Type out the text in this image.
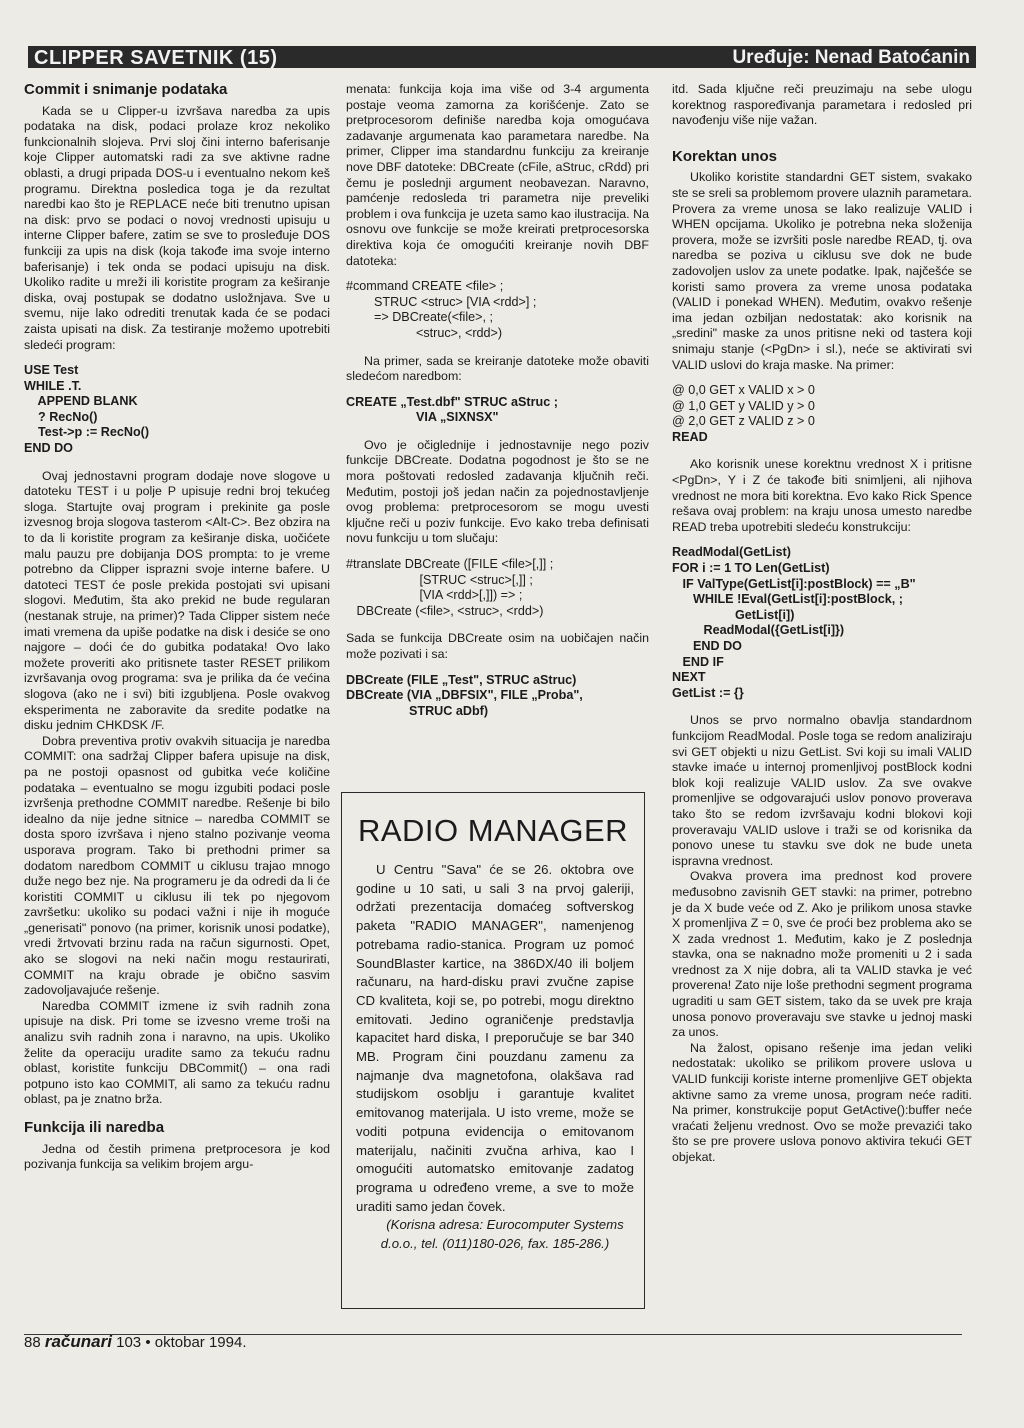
CLIPPER SAVETNIK (15)	Uređuje: Nenad Batoćanin
Commit i snimanje podataka

Kada se u Clipper-u izvršava naredba za upis podataka na disk, podaci prolaze kroz nekoliko funkcionalnih slojeva. Prvi sloj čini interno baferisanje koje Clipper automatski radi za sve aktivne radne oblasti, a drugi pripada DOS-u i eventualno nekom keš programu. Direktna posledica toga je da rezultat naredbi kao što je REPLACE neće biti trenutno upisan na disk: prvo se podaci o novoj vrednosti upisuju u interne Clipper bafere, zatim se sve to prosleđuje DOS funkciji za upis na disk (koja takođe ima svoje interno baferisanje) i tek onda se podaci upisuju na disk. Ukoliko radite u mreži ili koristite program za keširanje diska, ovaj postupak se dodatno usložnjava. Sve u svemu, nije lako odrediti trenutak kada će se podaci zaista upisati na disk. Za testiranje možemo upotrebiti sledeći program:

USE Test
WHILE .T.
APPEND BLANK
? RecNo()
Test->p := RecNo()
END DO

Ovaj jednostavni program dodaje nove slogove u datoteku TEST i u polje P upisuje redni broj tekućeg sloga. Startujte ovaj program i prekinite ga posle izvesnog broja slogova tasterom <Alt-C>. Bez obzira na to da li koristite program za keširanje diska, uočićete malu pauzu pre dobijanja DOS prompta: to je vreme potrebno da Clipper isprazni svoje interne bafere. U datoteci TEST će posle prekida postojati svi upisani slogovi. Međutim, šta ako prekid ne bude regularan (nestanak struje, na primer)? Tada Clipper sistem neće imati vremena da upiše podatke na disk i desiće se ono najgore – doći će do gubitka podataka! Ovo lako možete proveriti ako pritisnete taster RESET prilikom izvršavanja ovog programa: sva je prilika da će većina slogova (ako ne i svi) biti izgubljena. Posle ovakvog eksperimenta ne zaboravite da sredite podatke na disku jednim CHKDSK /F.

Dobra preventiva protiv ovakvih situacija je naredba COMMIT: ona sadržaj Clipper bafera upisuje na disk, pa ne postoji opasnost od gubitka veće količine podataka – eventualno se mogu izgubiti podaci posle izvršenja prethodne COMMIT naredbe. Rešenje bi bilo idealno da nije jedne sitnice – naredba COMMIT se dosta sporo izvršava i njeno stalno pozivanje veoma usporava program. Tako bi prethodni primer sa dodatom naredbom COMMIT u ciklusu trajao mnogo duže nego bez nje. Na programeru je da odredi da li će koristiti COMMIT u ciklusu ili tek po njegovom završetku: ukoliko su podaci važni i nije ih moguće „generisati" ponovo (na primer, korisnik unosi podatke), vredi žrtvovati brzinu rada na račun sigurnosti. Opet, ako se slogovi na neki način mogu restaurirati, COMMIT na kraju obrade je obično sasvim zadovoljavajuće rešenje.

Naredba COMMIT izmene iz svih radnih zona upisuje na disk. Pri tome se izvesno vreme troši na analizu svih radnih zona i naravno, na upis. Ukoliko želite da operaciju uradite samo za tekuću radnu oblast, koristite funkciju DBCommit() – ona radi potpuno isto kao COMMIT, ali samo za tekuću radnu oblast, pa je znatno brža.

Funkcija ili naredba

Jedna od čestih primena pretprocesora je kod pozivanja funkcija sa velikim brojem argu-

menata: funkcija koja ima više od 3-4 argumenta postaje veoma zamorna za korišćenje. Zato se pretprocesorom definiše naredba koja omogućava zadavanje argumenata kao parametara naredbe. Na primer, Clipper ima standardnu funkciju za kreiranje nove DBF datoteke: DBCreate (cFile, aStruc, cRdd) pri čemu je poslednji argument neobavezan. Naravno, pamćenje redosleda tri parametra nije preveliki problem i ova funkcija je uzeta samo kao ilustracija. Na osnovu ove funkcije se može kreirati pretprocesorska direktiva koja će omogućiti kreiranje novih DBF datoteka:

#command CREATE <file> ;
STRUC <struc> [VIA <rdd>] ;
=> DBCreate(<file>, ;
<struc>, <rdd>)

Na primer, sada se kreiranje datoteke može obaviti sledećom naredbom:

CREATE „Test.dbf" STRUC aStruc ;
VIA „SIXNSX"

Ovo je očiglednije i jednostavnije nego poziv funkcije DBCreate. Dodatna pogodnost je što se ne mora poštovati redosled zadavanja ključnih reči. Međutim, postoji još jedan način za pojednostavljenje ovog problema: pretprocesorom se mogu uvesti ključne reči u poziv funkcije. Evo kako treba definisati novu funkciju u tom slučaju:

#translate DBCreate ([FILE <file>[,]] ;
[STRUC <struc>[,]] ;
[VIA <rdd>[,]]) => ;
DBCreate (<file>, <struc>, <rdd>)

Sada se funkcija DBCreate osim na uobičajen način može pozivati i sa:

DBCreate (FILE „Test", STRUC aStruc)
DBCreate (VIA „DBFSIX", FILE „Proba",
STRUC aDbf)
RADIO MANAGER

U Centru "Sava" će se 26. oktobra ove godine u 10 sati, u sali 3 na prvoj galeriji, održati prezentacija domaćeg softverskog paketa "RADIO MANAGER", namenjenog potrebama radio-stanica. Program uz pomoć SoundBlaster kartice, na 386DX/40 ili boljem računaru, na hard-disku pravi zvučne zapise CD kvaliteta, koji se, po potrebi, mogu direktno emitovati. Jedino ograničenje predstavlja kapacitet hard diska, I preporučuje se bar 340 MB. Program čini pouzdanu zamenu za najmanje dva magnetofona, olakšava rad studijskom osoblju i garantuje kvalitet emitovanog materijala. U isto vreme, može se voditi potpuna evidencija o emitovanom materijalu, načiniti zvučna arhiva, kao I omogućiti automatsko emitovanje zadatog programa u određeno vreme, a sve to može uraditi samo jedan čovek.

(Korisna adresa: Eurocomputer Systems d.o.o., tel. (011)180-026, fax. 185-286.)

itd. Sada ključne reči preuzimaju na sebe ulogu korektnog raspoređivanja parametara i redosled pri navođenju više nije važan.

Korektan unos

Ukoliko koristite standardni GET sistem, svakako ste se sreli sa problemom provere ulaznih parametara. Provera za vreme unosa se lako realizuje VALID i WHEN opcijama. Ukoliko je potrebna neka složenija provera, može se izvršiti posle naredbe READ, tj. ova naredba se poziva u ciklusu sve dok ne bude zadovoljen uslov za unete podatke. Ipak, najčešće se koristi samo provera za vreme unosa podataka (VALID i ponekad WHEN). Međutim, ovakvo rešenje ima jedan ozbiljan nedostatak: ako korisnik na „sredini" maske za unos pritisne neki od tastera koji snimaju stanje (<PgDn> i sl.), neće se aktivirati svi VALID uslovi do kraja maske. Na primer:

@ 0,0 GET x VALID x > 0
@ 1,0 GET y VALID y > 0
@ 2,0 GET z VALID z > 0
READ

Ako korisnik unese korektnu vrednost X i pritisne <PgDn>, Y i Z će takođe biti snimljeni, ali njihova vrednost ne mora biti korektna. Evo kako Rick Spence rešava ovaj problem: na kraju unosa umesto naredbe READ treba upotrebiti sledeću konstrukciju:

ReadModal(GetList)
FOR i := 1 TO Len(GetList)
IF ValType(GetList[i]:postBlock) == „B"
WHILE !Eval(GetList[i]:postBlock, ;
GetList[i])
ReadModal({GetList[i]})
END DO
END IF
NEXT
GetList := {}

Unos se prvo normalno obavlja standardnom funkcijom ReadModal. Posle toga se redom analiziraju svi GET objekti u nizu GetList. Svi koji su imali VALID stavke imaće u internoj promenljivoj postBlock kodni blok koji realizuje VALID uslov. Za sve ovakve promenljive se odgovarajući uslov ponovo proverava tako što se redom izvršavaju kodni blokovi koji proveravaju VALID uslove i traži se od korisnika da ponovo unese tu stavku sve dok ne bude uneta ispravna vrednost.

Ovakva provera ima prednost kod provere međusobno zavisnih GET stavki: na primer, potrebno je da X bude veće od Z. Ako je prilikom unosa stavke X promenljiva Z = 0, sve će proći bez problema ako se X zada vrednost 1. Međutim, kako je Z poslednja stavka, ona se naknadno može promeniti u 2 i sada vrednost za X nije dobra, ali ta VALID stavka je već proverena! Zato nije loše prethodni segment programa ugraditi u sam GET sistem, tako da se uvek pre kraja unosa ponovo proveravaju sve stavke u jednoj maski za unos.

Na žalost, opisano rešenje ima jedan veliki nedostatak: ukoliko se prilikom provere uslova u VALID funkciji koriste interne promenljive GET objekta aktivne samo za vreme unosa, program neće raditi. Na primer, konstrukcije poput GetActive():buffer neće vraćati željenu vrednost. Ovo se može prevazići tako što se pre provere uslova ponovo aktivira tekući GET objekat.

88 računari 103 • oktobar 1994.
